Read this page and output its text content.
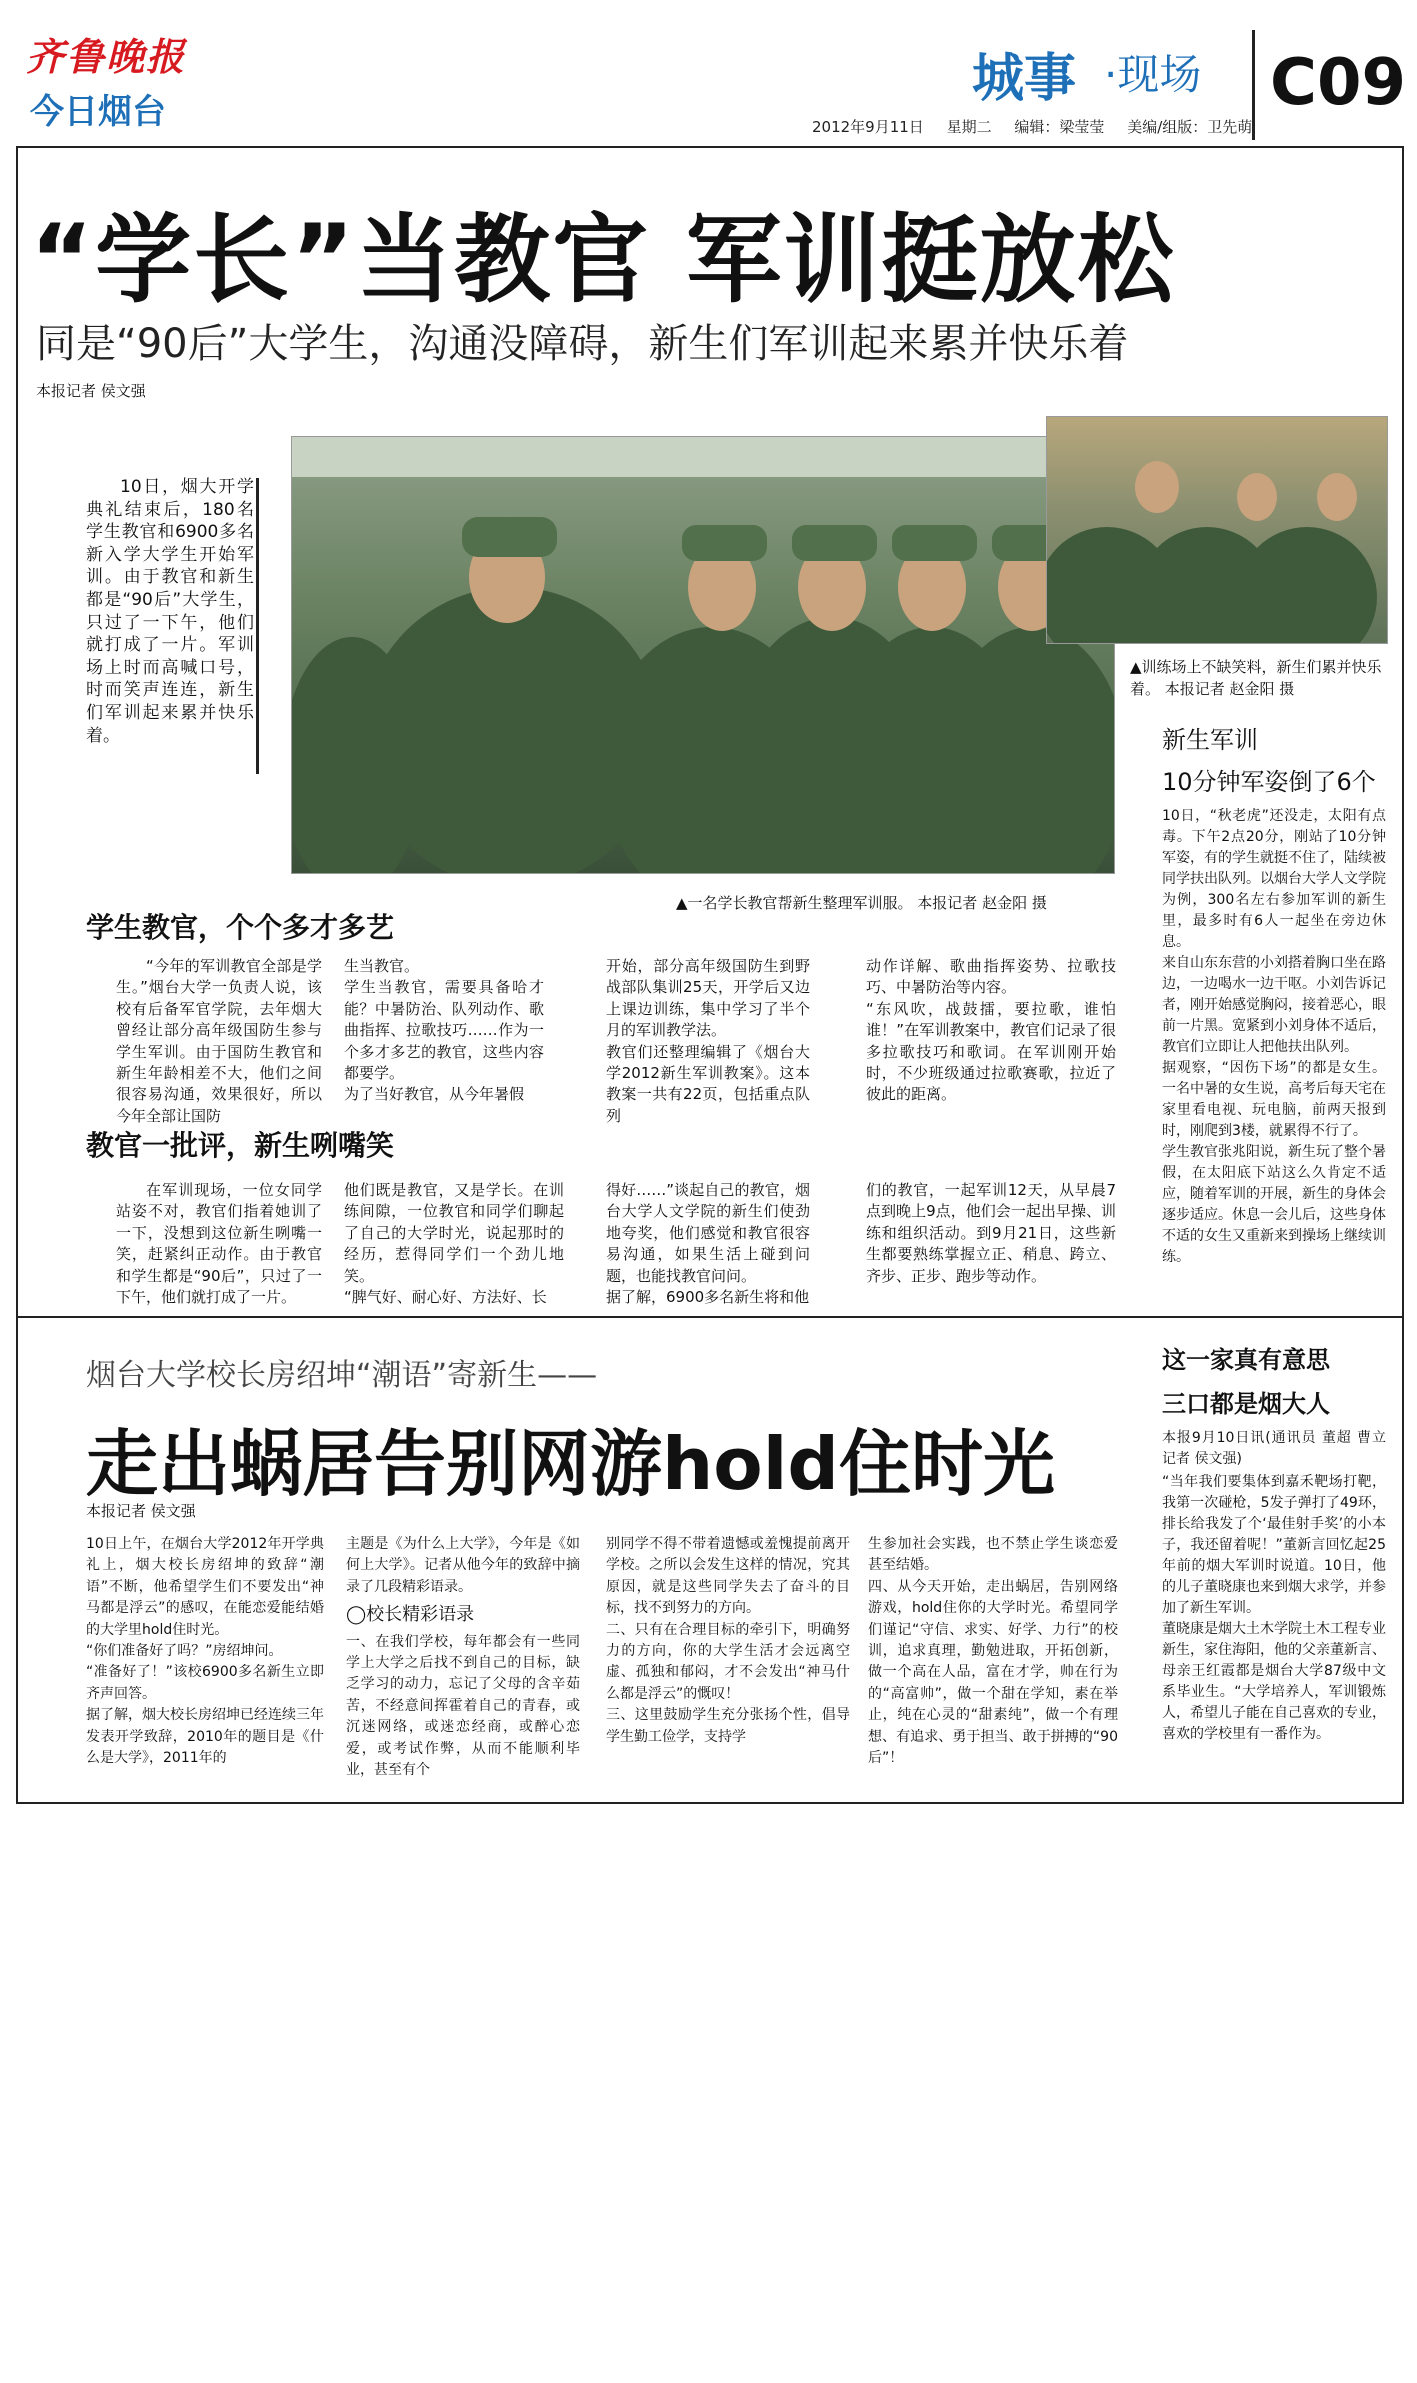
齐鲁晚报
今日烟台
城事 ·现场 C09
2012年9月11日 星期二 编辑：梁莹莹 美编/组版：卫先萌
“学长”当教官 军训挺放松
同是“90后”大学生，沟通没障碍，新生们军训起来累并快乐着
本报记者 侯文强

10日，烟大开学典礼结束后，180名学生教官和6900多名新入学大学生开始军训。由于教官和新生都是“90后”大学生，只过了一下午，他们就打成了一片。军训场上时而高喊口号，时而笑声连连，新生们军训起来累并快乐着。

▲一名学长教官帮新生整理军训服。 本报记者 赵金阳 摄
▲训练场上不缺笑料，新生们累并快乐着。 本报记者 赵金阳 摄
学生教官，个个多才多艺

“今年的军训教官全部是学生。”烟台大学一负责人说，该校有后备军官学院，去年烟大曾经让部分高年级国防生参与学生军训。由于国防生教官和新生年龄相差不大，他们之间很容易沟通，效果很好，所以今年全部让国防

生当教官。
学生当教官，需要具备哈才能？中暑防治、队列动作、歌曲指挥、拉歌技巧……作为一个多才多艺的教官，这些内容都要学。
为了当好教官，从今年暑假
开始，部分高年级国防生到野战部队集训25天，开学后又边上课边训练，集中学习了半个月的军训教学法。
教官们还整理编辑了《烟台大学2012新生军训教案》。这本教案一共有22页，包括重点队列
动作详解、歌曲指挥姿势、拉歌技巧、中暑防治等内容。
“东风吹，战鼓擂，要拉歌，谁怕谁！”在军训教案中，教官们记录了很多拉歌技巧和歌词。在军训刚开始时，不少班级通过拉歌赛歌，拉近了彼此的距离。
教官一批评，新生咧嘴笑

在军训现场，一位女同学站姿不对，教官们指着她训了一下，没想到这位新生咧嘴一笑，赶紧纠正动作。由于教官和学生都是“90后”，只过了一下午，他们就打成了一片。

他们既是教官，又是学长。在训练间隙，一位教官和同学们聊起了自己的大学时光，说起那时的经历，惹得同学们一个劲儿地笑。
“脾气好、耐心好、方法好、长
得好……”谈起自己的教官，烟台大学人文学院的新生们使劲地夸奖，他们感觉和教官很容易沟通，如果生活上碰到问题，也能找教官问问。
据了解，6900多名新生将和他
们的教官，一起军训12天，从早晨7点到晚上9点，他们会一起出早操、训练和组织活动。到9月21日，这些新生都要熟练掌握立正、稍息、跨立、齐步、正步、跑步等动作。
新生军训
10分钟军姿倒了6个
10日，“秋老虎”还没走，太阳有点毒。下午2点20分，刚站了10分钟军姿，有的学生就挺不住了，陆续被同学扶出队列。以烟台大学人文学院为例，300名左右参加军训的新生里，最多时有6人一起坐在旁边休息。
来自山东东营的小刘搭着胸口坐在路边，一边喝水一边干呕。小刘告诉记者，刚开始感觉胸闷，接着恶心，眼前一片黑。宽紧到小刘身体不适后，教官们立即让人把他扶出队列。
据观察，“因伤下场”的都是女生。一名中暑的女生说，高考后每天宅在家里看电视、玩电脑，前两天报到时，刚爬到3楼，就累得不行了。
学生教官张兆阳说，新生玩了整个暑假，在太阳底下站这么久肯定不适应，随着军训的开展，新生的身体会逐步适应。休息一会儿后，这些身体不适的女生又重新来到操场上继续训练。
烟台大学校长房绍坤“潮语”寄新生——
走出蜗居告别网游hold住时光
本报记者 侯文强
10日上午，在烟台大学2012年开学典礼上，烟大校长房绍坤的致辞“潮语”不断，他希望学生们不要发出“神马都是浮云”的感叹，在能恋爱能结婚的大学里hold住时光。
“你们准备好了吗？”房绍坤问。
“准备好了！”该校6900多名新生立即齐声回答。
据了解，烟大校长房绍坤已经连续三年发表开学致辞，2010年的题目是《什么是大学》，2011年的
主题是《为什么上大学》，今年是《如何上大学》。记者从他今年的致辞中摘录了几段精彩语录。
◯校长精彩语录
一、在我们学校，每年都会有一些同学上大学之后找不到自己的目标，缺乏学习的动力，忘记了父母的含辛茹苦，不经意间挥霍着自己的青春，或沉迷网络，或迷恋经商，或醉心恋爱，或考试作弊，从而不能顺利毕业，甚至有个
别同学不得不带着遗憾或羞愧提前离开学校。之所以会发生这样的情况，究其原因，就是这些同学失去了奋斗的目标，找不到努力的方向。
二、只有在合理目标的牵引下，明确努力的方向，你的大学生活才会远离空虚、孤独和郁闷，才不会发出“神马什么都是浮云”的慨叹！
三、这里鼓励学生充分张扬个性，倡导学生勤工俭学，支持学
生参加社会实践，也不禁止学生谈恋爱甚至结婚。
四、从今天开始，走出蜗居，告别网络游戏，hold住你的大学时光。希望同学们谨记“守信、求实、好学、力行”的校训，追求真理，勤勉进取，开拓创新，做一个高在人品，富在才学，帅在行为的“高富帅”，做一个甜在学知，素在举止，纯在心灵的“甜素纯”，做一个有理想、有追求、勇于担当、敢于拼搏的“90后”！
这一家真有意思
三口都是烟大人
本报9月10日讯(通讯员 董超 曹立 记者 侯文强)
“当年我们要集体到嘉禾靶场打靶，我第一次碰枪，5发子弹打了49环，排长给我发了个‘最佳射手奖’的小本子，我还留着呢！”董新言回忆起25年前的烟大军训时说道。10日，他的儿子董晓康也来到烟大求学，并参加了新生军训。
董晓康是烟大土木学院土木工程专业新生，家住海阳，他的父亲董新言、母亲王红霞都是烟台大学87级中文系毕业生。“大学培养人，军训锻炼人，希望儿子能在自己喜欢的专业，喜欢的学校里有一番作为。
